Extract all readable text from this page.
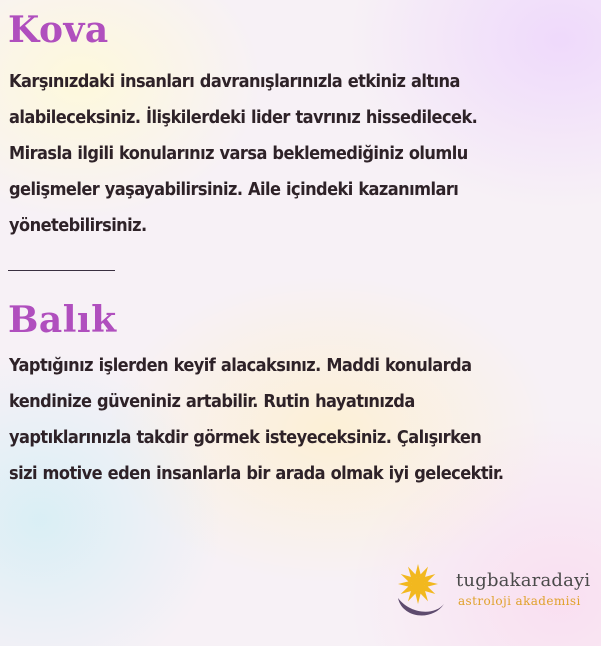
Kova
Karşınızdaki insanları davranışlarınızla etkiniz altına
alabileceksiniz. İlişkilerdeki lider tavrınız hissedilecek.
Mirasla ilgili konularınız varsa beklemediğiniz olumlu
gelişmeler yaşayabilirsiniz. Aile içindeki kazanımları
yönetebilirsiniz.
Balık
Yaptığınız işlerden keyif alacaksınız. Maddi konularda
kendinize güveniniz artabilir. Rutin hayatınızda
yaptıklarınızla takdir görmek isteyeceksiniz. Çalışırken
sizi motive eden insanlarla bir arada olmak iyi gelecektir.
tugbakaradayi
astroloji akademisi
